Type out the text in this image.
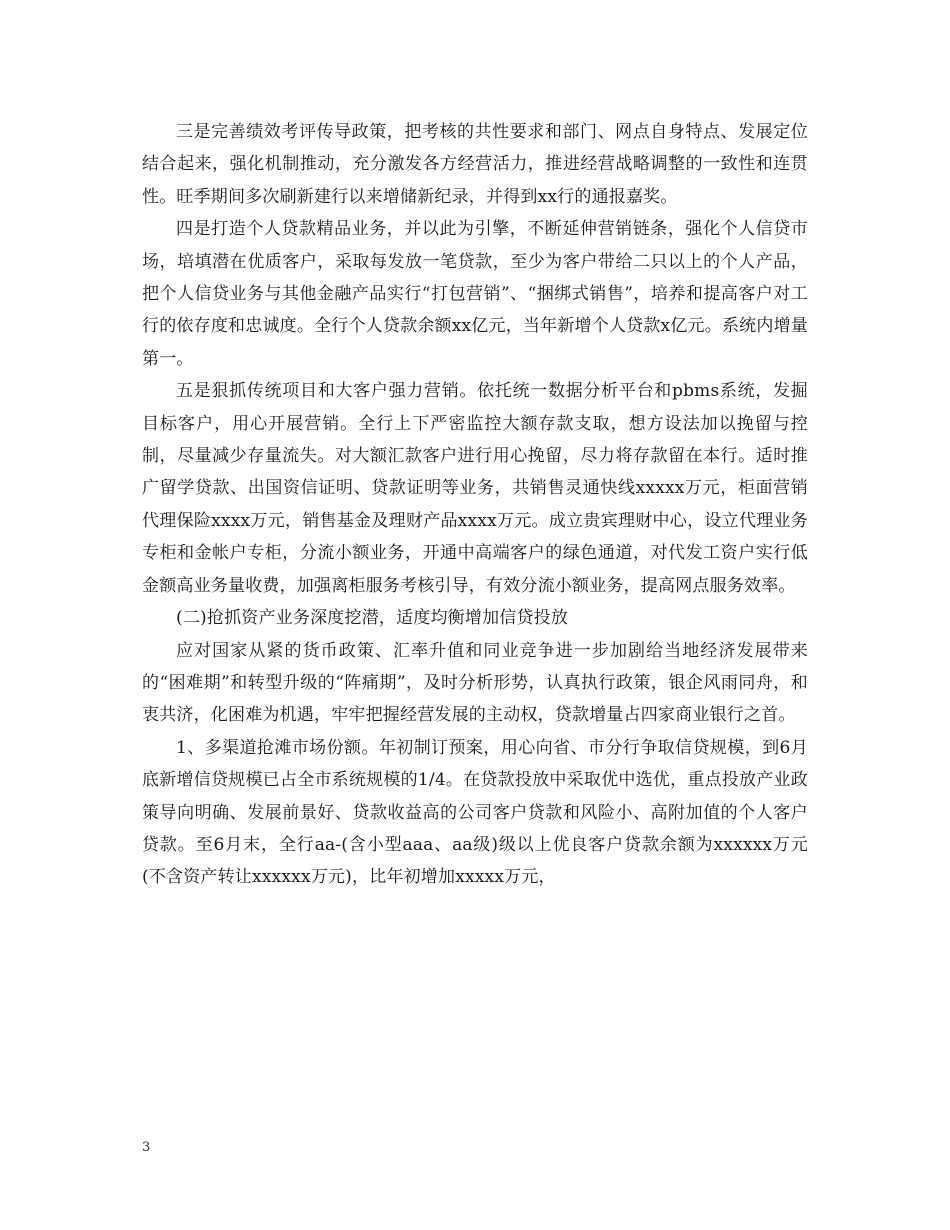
三是完善绩效考评传导政策，把考核的共性要求和部门、网点自身特点、发展定位结合起来，强化机制推动，充分激发各方经营活力，推进经营战略调整的一致性和连贯性。旺季期间多次刷新建行以来增储新纪录，并得到xx行的通报嘉奖。

四是打造个人贷款精品业务，并以此为引擎，不断延伸营销链条，强化个人信贷市场，培填潜在优质客户，采取每发放一笔贷款，至少为客户带给二只以上的个人产品，把个人信贷业务与其他金融产品实行“打包营销”、“捆绑式销售”，培养和提高客户对工行的依存度和忠诚度。全行个人贷款余额xx亿元，当年新增个人贷款x亿元。系统内增量第一。

五是狠抓传统项目和大客户强力营销。依托统一数据分析平台和pbms系统，发掘目标客户，用心开展营销。全行上下严密监控大额存款支取，想方设法加以挽留与控制，尽量减少存量流失。对大额汇款客户进行用心挽留，尽力将存款留在本行。适时推广留学贷款、出国资信证明、贷款证明等业务，共销售灵通快线xxxxx万元，柜面营销代理保险xxxx万元，销售基金及理财产品xxxx万元。成立贵宾理财中心，设立代理业务专柜和金帐户专柜，分流小额业务，开通中高端客户的绿色通道，对代发工资户实行低金额高业务量收费，加强离柜服务考核引导，有效分流小额业务，提高网点服务效率。

(二)抢抓资产业务深度挖潜，适度均衡增加信贷投放

应对国家从紧的货币政策、汇率升值和同业竞争进一步加剧给当地经济发展带来的“困难期”和转型升级的“阵痛期”，及时分析形势，认真执行政策，银企风雨同舟，和衷共济，化困难为机遇，牢牢把握经营发展的主动权，贷款增量占四家商业银行之首。

1、多渠道抢滩市场份额。年初制订预案，用心向省、市分行争取信贷规模，到6月底新增信贷规模已占全市系统规模的1/4。在贷款投放中采取优中选优，重点投放产业政策导向明确、发展前景好、贷款收益高的公司客户贷款和风险小、高附加值的个人客户贷款。至6月末，全行aa-(含小型aaa、aa级)级以上优良客户贷款余额为xxxxxx万元(不含资产转让xxxxxx万元)，比年初增加xxxxx万元，

3
